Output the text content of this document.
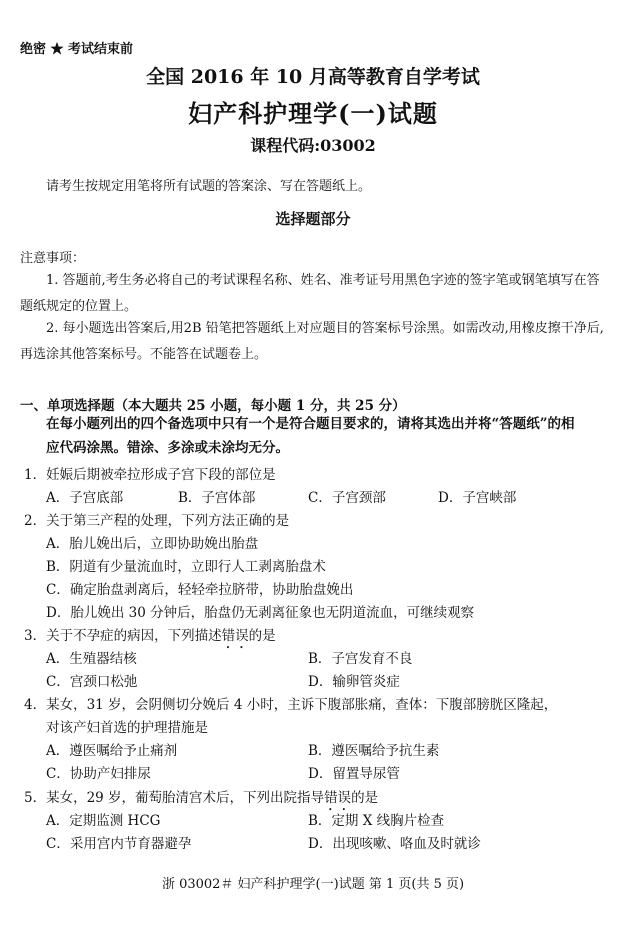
绝密 ★ 考试结束前
全国 2016 年 10 月高等教育自学考试
妇产科护理学(一)试题
课程代码:03002
请考生按规定用笔将所有试题的答案涂、写在答题纸上。
选择题部分
注意事项：
1. 答题前,考生务必将自己的考试课程名称、姓名、准考证号用黑色字迹的签字笔或钢笔填写在答题纸规定的位置上。
2. 每小题选出答案后,用2B 铅笔把答题纸上对应题目的答案标号涂黑。如需改动,用橡皮擦干净后,再选涂其他答案标号。不能答在试题卷上。
一、单项选择题（本大题共 25 小题，每小题 1 分，共 25 分）
在每小题列出的四个备选项中只有一个是符合题目要求的，请将其选出并将“答题纸”的相应代码涂黑。错涂、多涂或未涂均无分。
1．妊娠后期被牵拉形成子宫下段的部位是
A．子宫底部	B．子宫体部	C．子宫颈部	D．子宫峡部
2．关于第三产程的处理，下列方法正确的是
A．胎儿娩出后，立即协助娩出胎盘
B．阴道有少量流血时，立即行人工剥离胎盘术
C．确定胎盘剥离后，轻轻牵拉脐带，协助胎盘娩出
D．胎儿娩出 30 分钟后，胎盘仍无剥离征象也无阴道流血，可继续观察
3．关于不孕症的病因，下列描述错误的是
A．生殖器结核	B．子宫发育不良
C．宫颈口松弛	D．输卵管炎症
4．某女，31 岁，会阴侧切分娩后 4 小时，主诉下腹部胀痛，查体：下腹部膀胱区隆起，
对该产妇首选的护理措施是
A．遵医嘱给予止痛剂	B．遵医嘱给予抗生素
C．协助产妇排尿	D．留置导尿管
5．某女，29 岁，葡萄胎清宫术后，下列出院指导错误的是
A．定期监测 HCG	B．定期 X 线胸片检查
C．采用宫内节育器避孕	D．出现咳嗽、咯血及时就诊
浙 03002＃ 妇产科护理学(一)试题 第 1 页(共 5 页)
